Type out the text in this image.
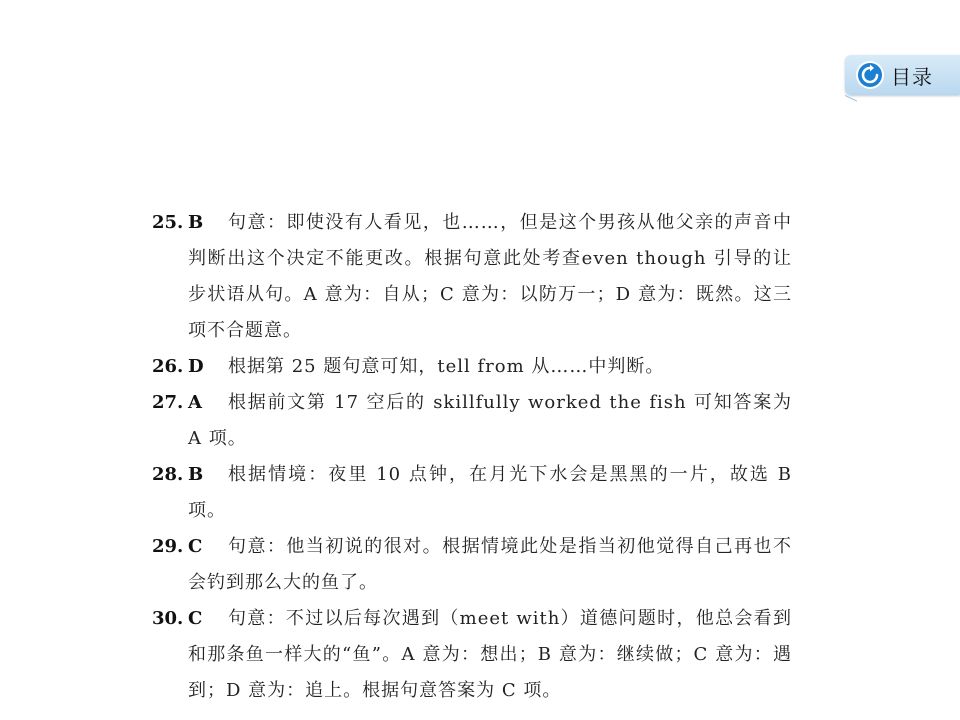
目录
25. B	句意：即使没有人看见，也……，但是这个男孩从他父亲的声音中判断出这个决定不能更改。根据句意此处考查even though 引导的让步状语从句。A 意为：自从；C 意为：以防万一；D 意为：既然。这三项不合题意。
26. D	根据第 25 题句意可知，tell from 从……中判断。
27. A	根据前文第 17 空后的 skillfully worked the fish 可知答案为 A 项。
28. B	根据情境：夜里 10 点钟，在月光下水会是黑黑的一片，故选 B 项。
29. C	句意：他当初说的很对。根据情境此处是指当初他觉得自己再也不会钓到那么大的鱼了。
30. C	句意：不过以后每次遇到（meet with）道德问题时，他总会看到和那条鱼一样大的“鱼”。A 意为：想出；B 意为：继续做；C 意为：遇到；D 意为：追上。根据句意答案为 C 项。
